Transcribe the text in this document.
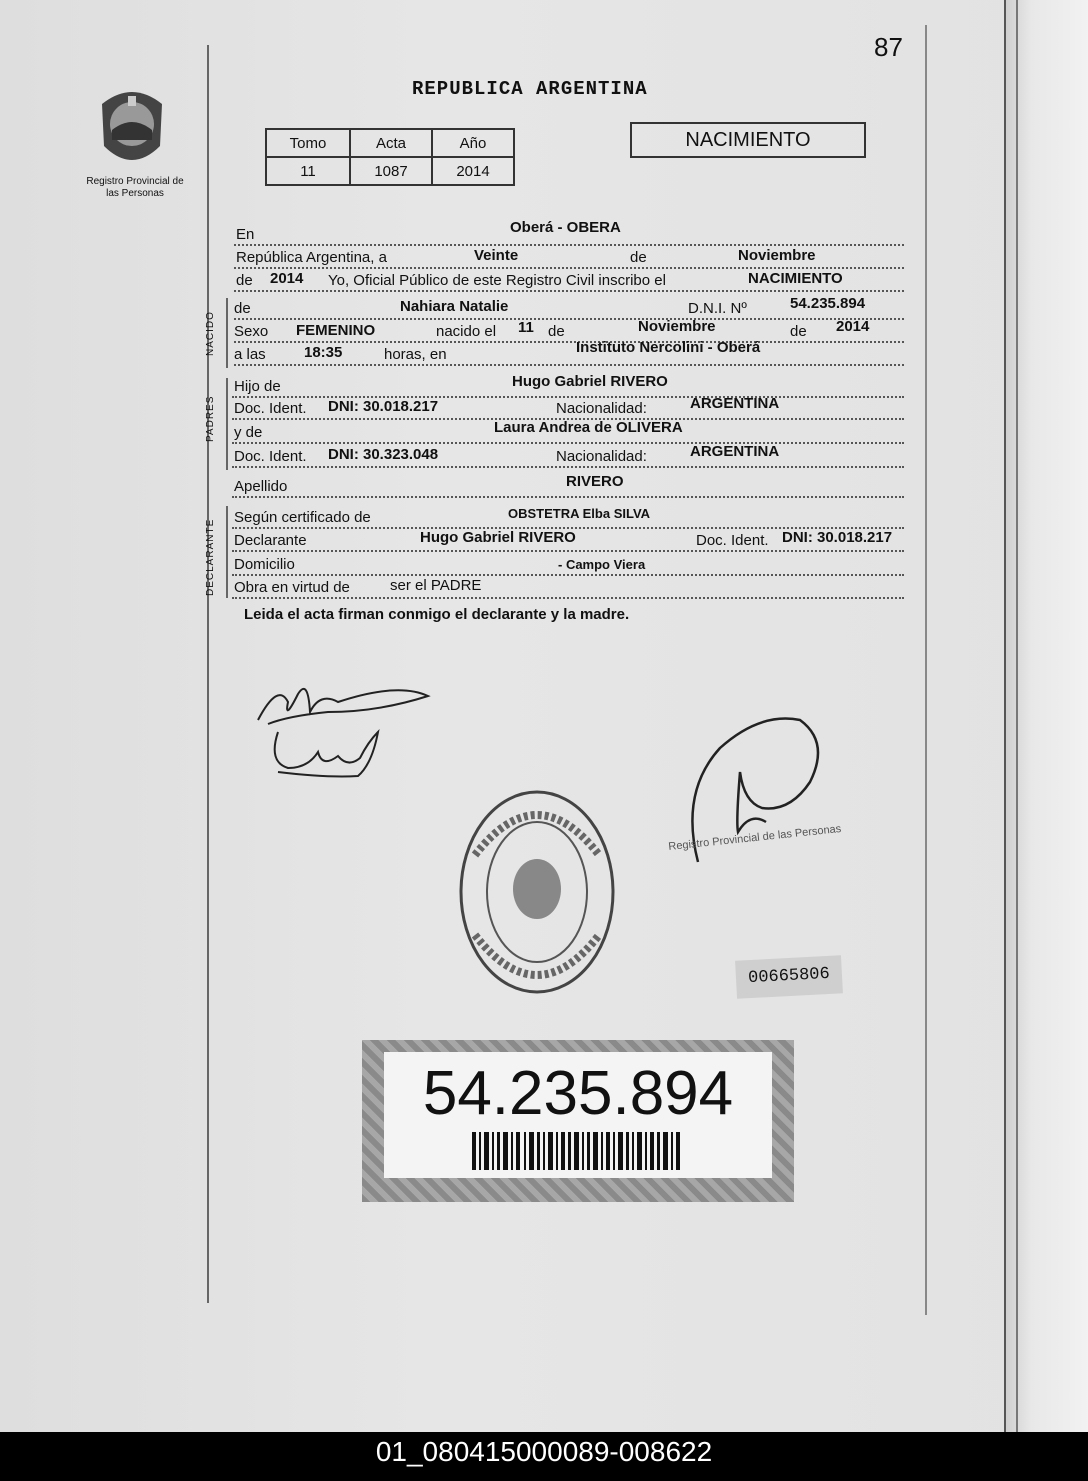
87
Registro Provincial de las Personas
REPUBLICA ARGENTINA
Tomo	Acta	Año
11	1087	2014
NACIMIENTO
En	Oberá - OBERA
República Argentina, a	Veinte	de	Noviembre
de 2014 Yo, Oficial Público de este Registro Civil inscribo el	NACIMIENTO
NACIDO
de	Nahiara Natalie	D.N.I. Nº	54.235.894
Sexo FEMENINO	nacido el 11 de	Noviembre	de 2014
a las	18:35	horas, en	Instituto Nercolini - Oberá
PADRES
Hijo de	Hugo Gabriel RIVERO
Doc. Ident. DNI: 30.018.217	Nacionalidad:	ARGENTINA
y de	Laura Andrea de OLIVERA
Doc. Ident. DNI: 30.323.048	Nacionalidad:	ARGENTINA
Apellido	RIVERO
DECLARANTE
Según certificado de	OBSTETRA Elba SILVA
Declarante	Hugo Gabriel RIVERO	Doc. Ident. DNI: 30.018.217
Domicilio	- Campo Viera
Obra en virtud de	ser el PADRE
Leida el acta firman conmigo el declarante y la madre.
Registro Provincial de las Personas
00665806
54.235.894
01_080415000089-008622
